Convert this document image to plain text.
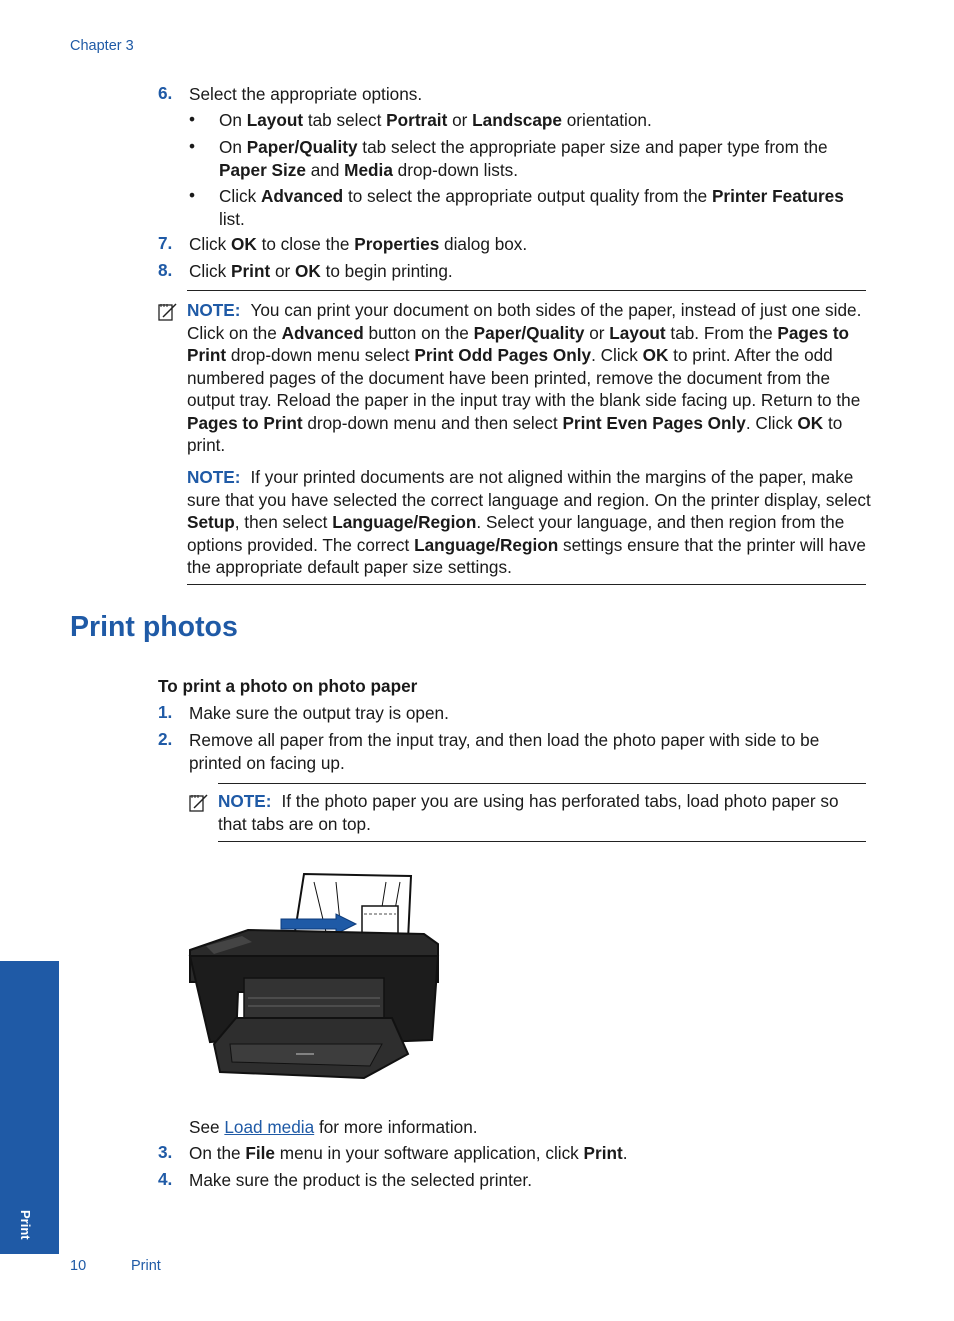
Chapter 3
6. Select the appropriate options.
• On Layout tab select Portrait or Landscape orientation.
• On Paper/Quality tab select the appropriate paper size and paper type from the Paper Size and Media drop-down lists.
• Click Advanced to select the appropriate output quality from the Printer Features list.
7. Click OK to close the Properties dialog box.
8. Click Print or OK to begin printing.
NOTE: You can print your document on both sides of the paper, instead of just one side. Click on the Advanced button on the Paper/Quality or Layout tab. From the Pages to Print drop-down menu select Print Odd Pages Only. Click OK to print. After the odd numbered pages of the document have been printed, remove the document from the output tray. Reload the paper in the input tray with the blank side facing up. Return to the Pages to Print drop-down menu and then select Print Even Pages Only. Click OK to print.
NOTE: If your printed documents are not aligned within the margins of the paper, make sure that you have selected the correct language and region. On the printer display, select Setup, then select Language/Region. Select your language, and then region from the options provided. The correct Language/Region settings ensure that the printer will have the appropriate default paper size settings.
Print photos
To print a photo on photo paper
1. Make sure the output tray is open.
2. Remove all paper from the input tray, and then load the photo paper with side to be printed on facing up.
NOTE: If the photo paper you are using has perforated tabs, load photo paper so that tabs are on top.
See Load media for more information.
3. On the File menu in your software application, click Print.
4. Make sure the product is the selected printer.
Print
10	Print
